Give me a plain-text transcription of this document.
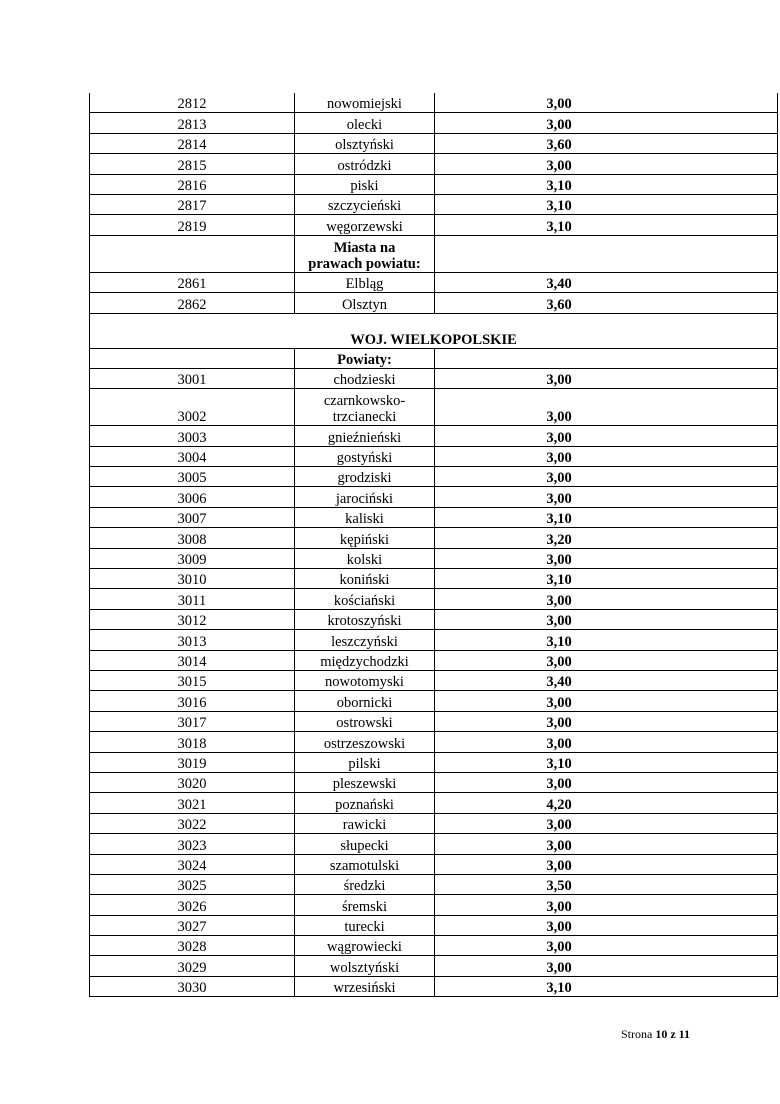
2812	nowomiejski	3,00
2813	olecki	3,00
2814	olsztyński	3,60
2815	ostródzki	3,00
2816	piski	3,10
2817	szczycieński	3,10
2819	węgorzewski	3,10

	Miasta na
prawach powiatu:	

2861	Elbląg	3,40
2862	Olsztyn	3,60
WOJ. WIELKOPOLSKIE		

	Powiaty:	

3001	chodzieski	3,00
3002	czarnkowsko-
trzcianecki	3,00
3003	gnieźnieński	3,00
3004	gostyński	3,00
3005	grodziski	3,00
3006	jarociński	3,00
3007	kaliski	3,10
3008	kępiński	3,20
3009	kolski	3,00
3010	koniński	3,10
3011	kościański	3,00
3012	krotoszyński	3,00
3013	leszczyński	3,10
3014	międzychodzki	3,00
3015	nowotomyski	3,40
3016	obornicki	3,00
3017	ostrowski	3,00
3018	ostrzeszowski	3,00
3019	pilski	3,10
3020	pleszewski	3,00
3021	poznański	4,20
3022	rawicki	3,00
3023	słupecki	3,00
3024	szamotulski	3,00
3025	średzki	3,50
3026	śremski	3,00
3027	turecki	3,00
3028	wągrowiecki	3,00
3029	wolsztyński	3,00
3030	wrzesiński	3,10
Strona 10 z 11
